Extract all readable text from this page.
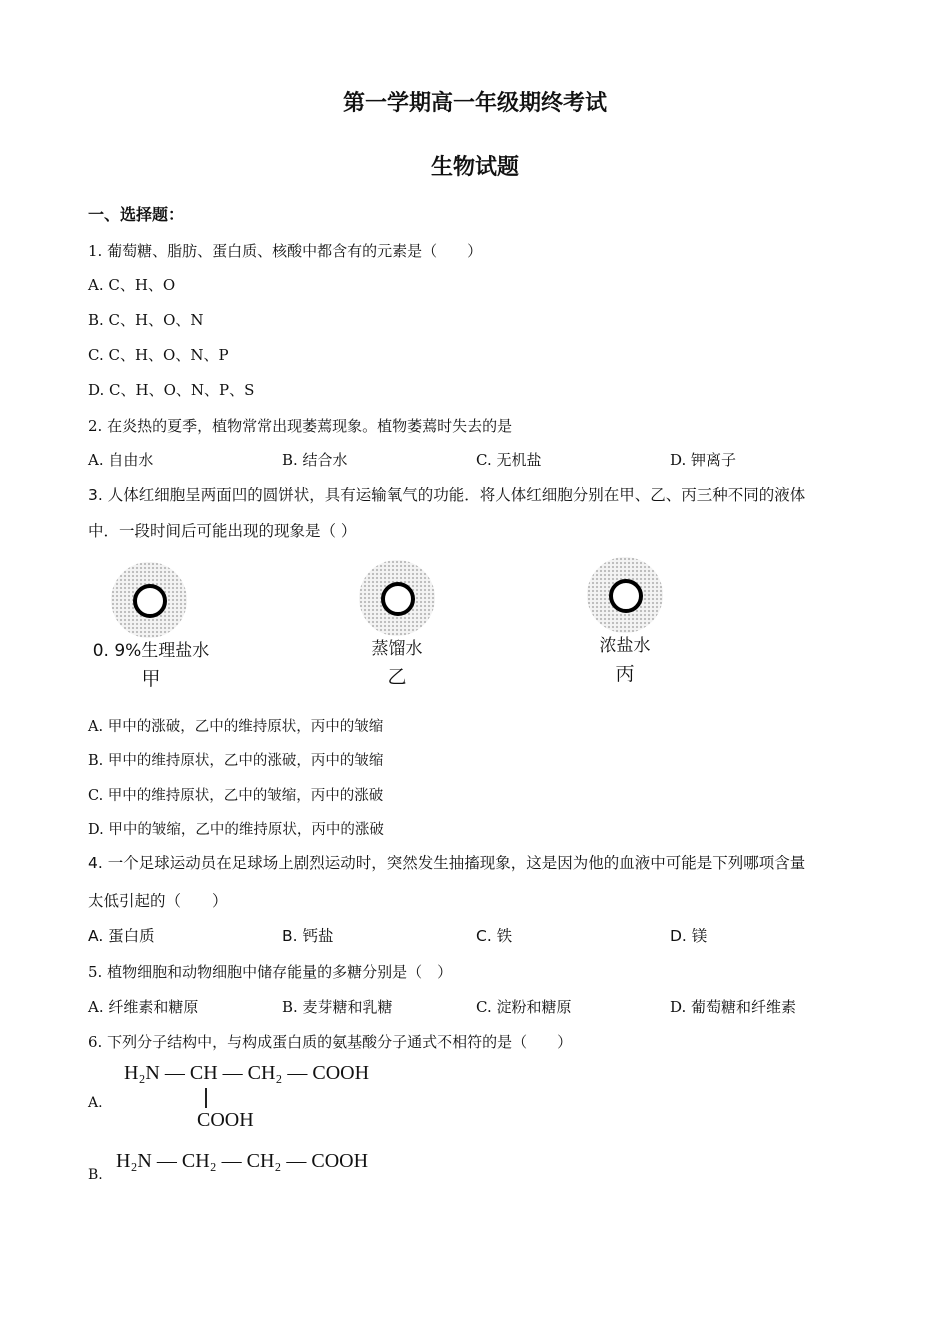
第一学期高一年级期终考试
生物试题
一、选择题：
1. 葡萄糖、脂肪、蛋白质、核酸中都含有的元素是（　　）
A. C、H、O
B. C、H、O、N
C. C、H、O、N、P
D. C、H、O、N、P、S
2. 在炎热的夏季，植物常常出现萎蔫现象。植物萎蔫时失去的是
A. 自由水	B. 结合水	C. 无机盐	D. 钾离子
3. 人体红细胞呈两面凹的圆饼状，具有运输氧气的功能．将人体红细胞分别在甲、乙、丙三种不同的液体
中．一段时间后可能出现的现象是（ ）
0. 9%生理盐水
甲
蒸馏水
乙
浓盐水
丙
A. 甲中的涨破，乙中的维持原状，丙中的皱缩
B. 甲中的维持原状，乙中的涨破，丙中的皱缩
C. 甲中的维持原状，乙中的皱缩，丙中的涨破
D. 甲中的皱缩，乙中的维持原状，丙中的涨破
4. 一个足球运动员在足球场上剧烈运动时，突然发生抽搐现象，这是因为他的血液中可能是下列哪项含量
太低引起的（　　）
A. 蛋白质	B. 钙盐	C. 铁	D. 镁
5. 植物细胞和动物细胞中储存能量的多糖分别是（　）
A. 纤维素和糖原	B. 麦芽糖和乳糖	C. 淀粉和糖原	D. 葡萄糖和纤维素
6. 下列分子结构中，与构成蛋白质的氨基酸分子通式不相符的是（　　）
A.
H₂N — CH — CH₂ — COOH
COOH
B.
H₂N — CH₂ — CH₂ — COOH
